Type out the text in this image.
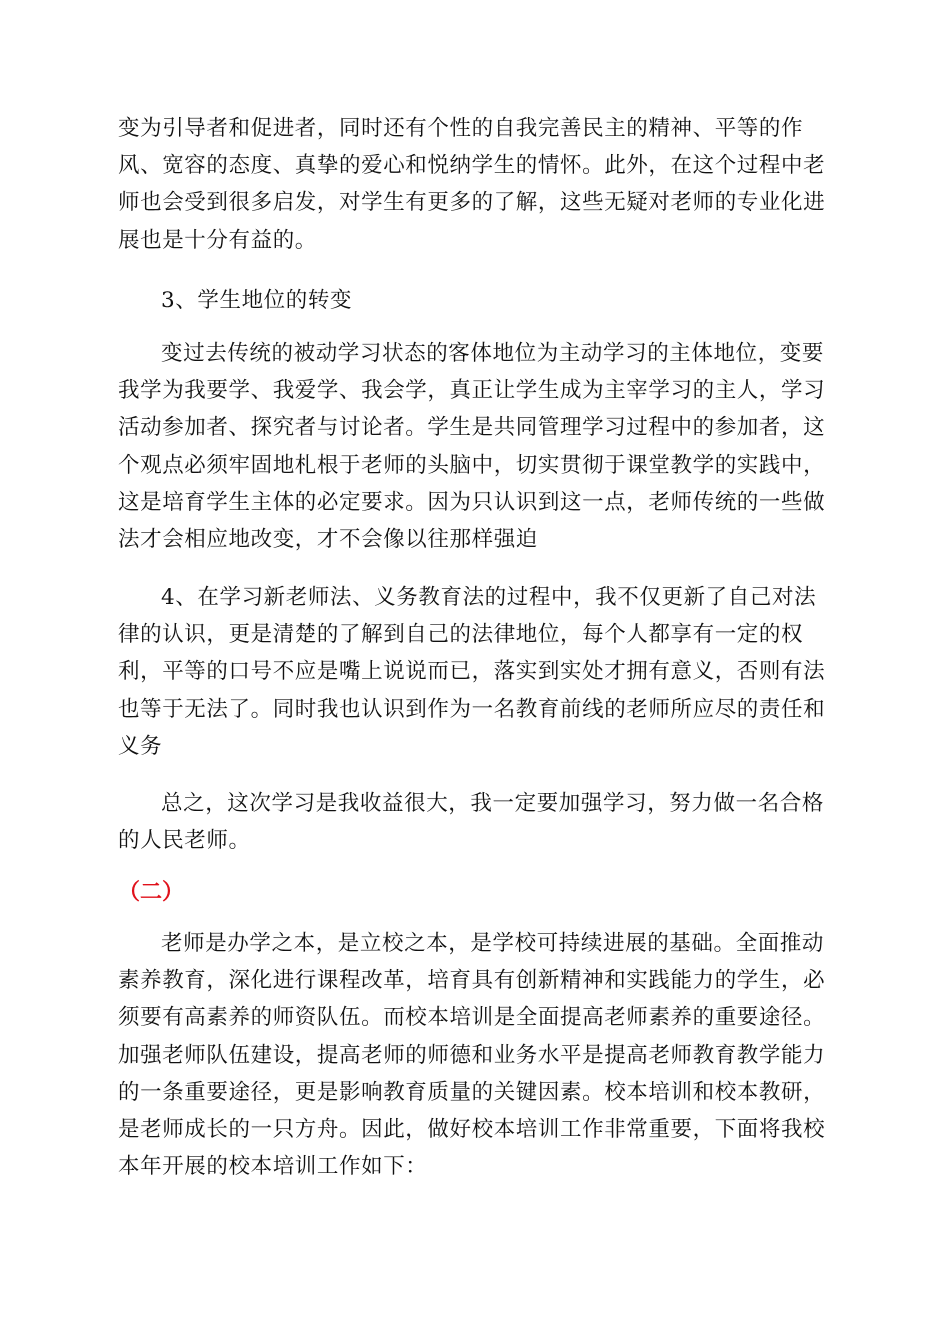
变为引导者和促进者，同时还有个性的自我完善民主的精神、平等的作
风、宽容的态度、真挚的爱心和悦纳学生的情怀。此外，在这个过程中老
师也会受到很多启发，对学生有更多的了解，这些无疑对老师的专业化进
展也是十分有益的。
3、学生地位的转变
变过去传统的被动学习状态的客体地位为主动学习的主体地位，变要
我学为我要学、我爱学、我会学，真正让学生成为主宰学习的主人，学习
活动参加者、探究者与讨论者。学生是共同管理学习过程中的参加者，这
个观点必须牢固地札根于老师的头脑中，切实贯彻于课堂教学的实践中，
这是培育学生主体的必定要求。因为只认识到这一点，老师传统的一些做
法才会相应地改变，才不会像以往那样强迫
4、在学习新老师法、义务教育法的过程中，我不仅更新了自己对法
律的认识，更是清楚的了解到自己的法律地位，每个人都享有一定的权
利，平等的口号不应是嘴上说说而已，落实到实处才拥有意义，否则有法
也等于无法了。同时我也认识到作为一名教育前线的老师所应尽的责任和
义务
总之，这次学习是我收益很大，我一定要加强学习，努力做一名合格
的人民老师。

（二）

老师是办学之本，是立校之本，是学校可持续进展的基础。全面推动
素养教育，深化进行课程改革，培育具有创新精神和实践能力的学生，必
须要有高素养的师资队伍。而校本培训是全面提高老师素养的重要途径。
加强老师队伍建设，提高老师的师德和业务水平是提高老师教育教学能力
的一条重要途径，更是影响教育质量的关键因素。校本培训和校本教研，
是老师成长的一只方舟。因此，做好校本培训工作非常重要，下面将我校
本年开展的校本培训工作如下：
